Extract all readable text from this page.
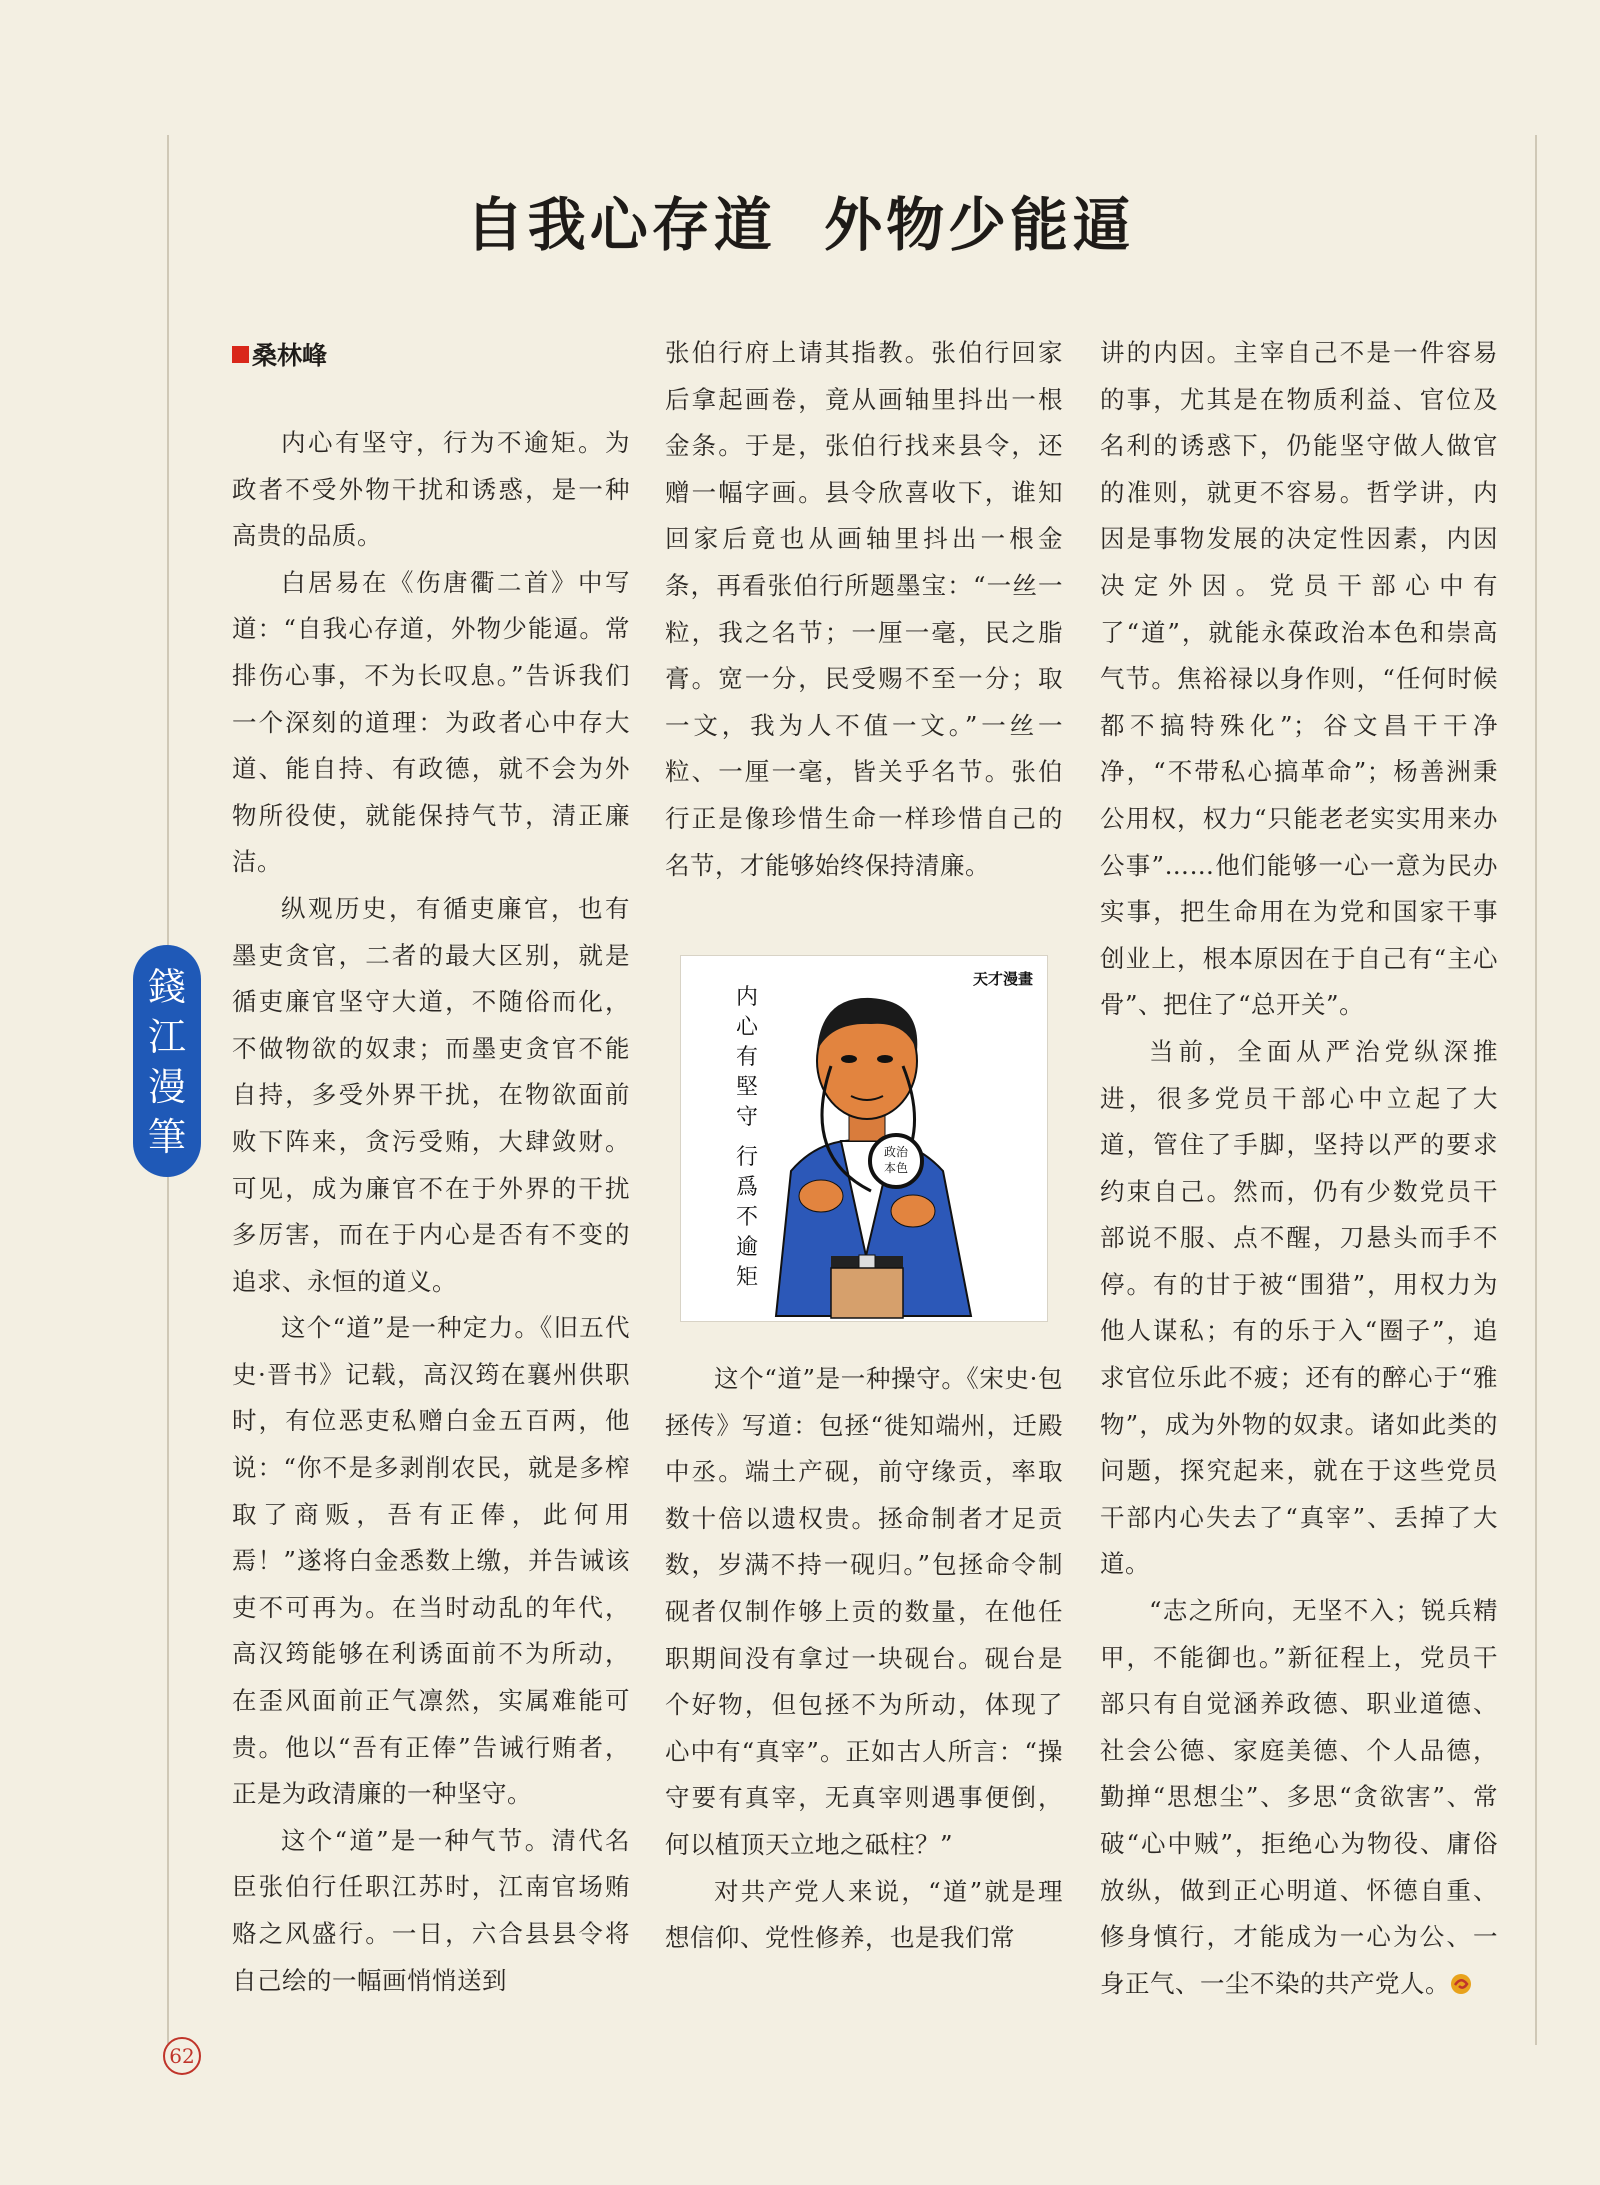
自我心存道  外物少能逼
桑林峰
錢
江
漫
筆

内心有坚守，行为不逾矩。为政者不受外物干扰和诱惑，是一种高贵的品质。

白居易在《伤唐衢二首》中写道：“自我心存道，外物少能逼。常排伤心事，不为长叹息。”告诉我们一个深刻的道理：为政者心中存大道、能自持、有政德，就不会为外物所役使，就能保持气节，清正廉洁。

纵观历史，有循吏廉官，也有墨吏贪官，二者的最大区别，就是循吏廉官坚守大道，不随俗而化，不做物欲的奴隶；而墨吏贪官不能自持，多受外界干扰，在物欲面前败下阵来，贪污受贿，大肆敛财。可见，成为廉官不在于外界的干扰多厉害，而在于内心是否有不变的追求、永恒的道义。

这个“道”是一种定力。《旧五代史·晋书》记载，高汉筠在襄州供职时，有位恶吏私赠白金五百两，他说：“你不是多剥削农民，就是多榨取了商贩，吾有正俸，此何用焉！”遂将白金悉数上缴，并告诫该吏不可再为。在当时动乱的年代，高汉筠能够在利诱面前不为所动，在歪风面前正气凛然，实属难能可贵。他以“吾有正俸”告诫行贿者，正是为政清廉的一种坚守。

这个“道”是一种气节。清代名臣张伯行任职江苏时，江南官场贿赂之风盛行。一日，六合县县令将自己绘的一幅画悄悄送到

张伯行府上请其指教。张伯行回家后拿起画卷，竟从画轴里抖出一根金条。于是，张伯行找来县令，还赠一幅字画。县令欣喜收下，谁知回家后竟也从画轴里抖出一根金条，再看张伯行所题墨宝：“一丝一粒，我之名节；一厘一毫，民之脂膏。宽一分，民受赐不至一分；取一文，我为人不值一文。”一丝一粒、一厘一毫，皆关乎名节。张伯行正是像珍惜生命一样珍惜自己的名节，才能够始终保持清廉。

内
心
有
堅
守
行
爲
不
逾
矩
政治
本色
天才漫畫

这个“道”是一种操守。《宋史·包拯传》写道：包拯“徙知端州，迁殿中丞。端土产砚，前守缘贡，率取数十倍以遗权贵。拯命制者才足贡数，岁满不持一砚归。”包拯命令制砚者仅制作够上贡的数量，在他任职期间没有拿过一块砚台。砚台是个好物，但包拯不为所动，体现了心中有“真宰”。正如古人所言：“操守要有真宰，无真宰则遇事便倒，何以植顶天立地之砥柱？”

对共产党人来说，“道”就是理想信仰、党性修养，也是我们常

讲的内因。主宰自己不是一件容易的事，尤其是在物质利益、官位及名利的诱惑下，仍能坚守做人做官的准则，就更不容易。哲学讲，内因是事物发展的决定性因素，内因决定外因。党员干部心中有了“道”，就能永葆政治本色和崇高气节。焦裕禄以身作则，“任何时候都不搞特殊化”；谷文昌干干净净，“不带私心搞革命”；杨善洲秉公用权，权力“只能老老实实用来办公事”……他们能够一心一意为民办实事，把生命用在为党和国家干事创业上，根本原因在于自己有“主心骨”、把住了“总开关”。

当前，全面从严治党纵深推进，很多党员干部心中立起了大道，管住了手脚，坚持以严的要求约束自己。然而，仍有少数党员干部说不服、点不醒，刀悬头而手不停。有的甘于被“围猎”，用权力为他人谋私；有的乐于入“圈子”，追求官位乐此不疲；还有的醉心于“雅物”，成为外物的奴隶。诸如此类的问题，探究起来，就在于这些党员干部内心失去了“真宰”、丢掉了大道。

“志之所向，无坚不入；锐兵精甲，不能御也。”新征程上，党员干部只有自觉涵养政德、职业道德、社会公德、家庭美德、个人品德，勤掸“思想尘”、多思“贪欲害”、常破“心中贼”，拒绝心为物役、庸俗放纵，做到正心明道、怀德自重、修身慎行，才能成为一心为公、一身正气、一尘不染的共产党人。

62
